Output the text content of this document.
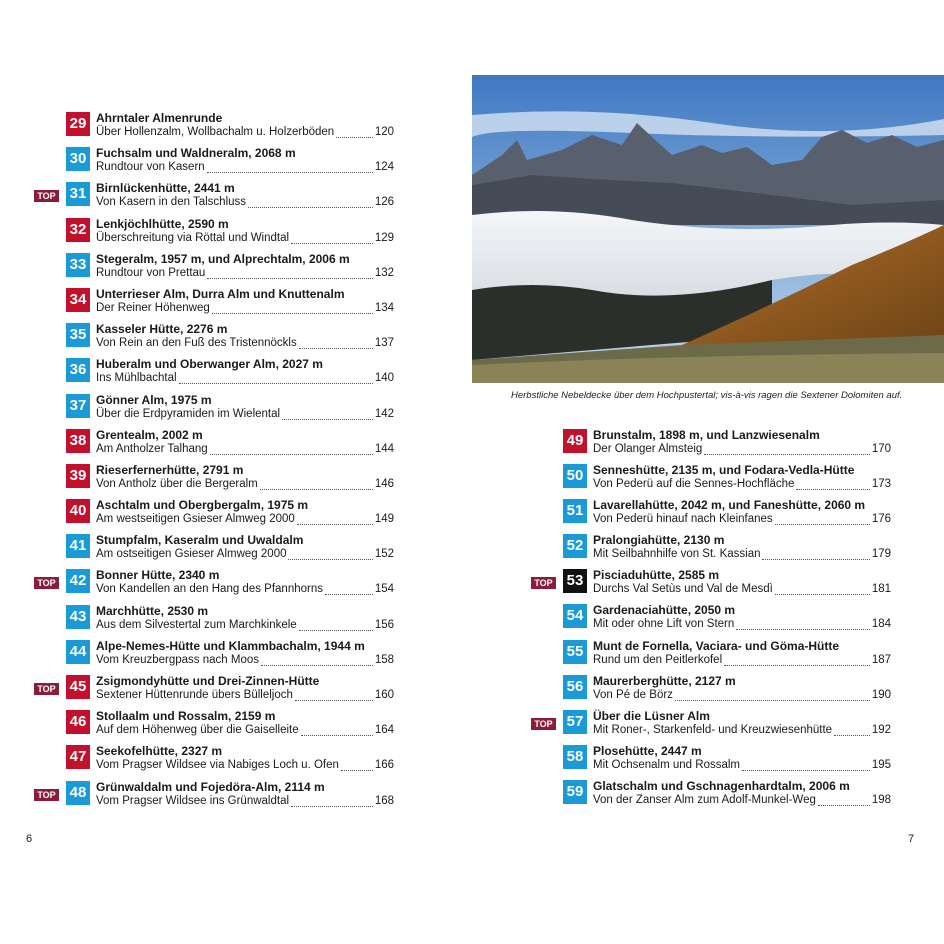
29 Ahrntaler Almenrunde
Über Hollenzalm, Wollbachalm u. Holzerböden	120
30 Fuchsalm und Waldneralm, 2068 m
Rundtour von Kasern	124
TOP 31 Birnlückenhütte, 2441 m
Von Kasern in den Talschluss	126
32 Lenkjöchlhütte, 2590 m
Überschreitung via Röttal und Windtal	129
33 Stegeralm, 1957 m, und Alprechtalm, 2006 m
Rundtour von Prettau	132
34 Unterrieser Alm, Durra Alm und Knuttenalm
Der Reiner Höhenweg	134
35 Kasseler Hütte, 2276 m
Von Rein an den Fuß des Tristennöckls	137
36 Huberalm und Oberwanger Alm, 2027 m
Ins Mühlbachtal	140
37 Gönner Alm, 1975 m
Über die Erdpyramiden im Wielental	142
38 Grentealm, 2002 m
Am Antholzer Talhang	144
39 Rieserfernerhütte, 2791 m
Von Antholz über die Bergeralm	146
40 Aschtalm und Obergbergalm, 1975 m
Am westseitigen Gsieser Almweg 2000	149
41 Stumpfalm, Kaseralm und Uwaldalm
Am ostseitigen Gsieser Almweg 2000	152
TOP 42 Bonner Hütte, 2340 m
Von Kandellen an den Hang des Pfannhorns	154
43 Marchhütte, 2530 m
Aus dem Silvestertal zum Marchkinkele	156
44 Alpe-Nemes-Hütte und Klammbachalm, 1944 m
Vom Kreuzbergpass nach Moos	158
TOP 45 Zsigmondyhütte und Drei-Zinnen-Hütte
Sextener Hüttenrunde übers Bülleljoch	160
46 Stollaalm und Rossalm, 2159 m
Auf dem Höhenweg über die Gaiselleite	164
47 Seekofelhütte, 2327 m
Vom Pragser Wildsee via Nabiges Loch u. Ofen	166
TOP 48 Grünwaldalm und Fojedöra-Alm, 2114 m
Vom Pragser Wildsee ins Grünwaldtal	168
Herbstliche Nebeldecke über dem Hochpustertal; vis-à-vis ragen die Sextener Dolomiten auf.
49 Brunstalm, 1898 m, und Lanzwiesenalm
Der Olanger Almsteig	170
50 Senneshütte, 2135 m, und Fodara-Vedla-Hütte
Von Pederü auf die Sennes-Hochfläche	173
51 Lavarellahütte, 2042 m, und Faneshütte, 2060 m
Von Pederü hinauf nach Kleinfanes	176
52 Pralongiahütte, 2130 m
Mit Seilbahnhilfe von St. Kassian	179
TOP 53 Pisciaduhütte, 2585 m
Durchs Val Setùs und Val de Mesdì	181
54 Gardenaciahütte, 2050 m
Mit oder ohne Lift von Stern	184
55 Munt de Fornella, Vaciara- und Göma-Hütte
Rund um den Peitlerkofel	187
56 Maurerberghütte, 2127 m
Von Pé de Börz	190
TOP 57 Über die Lüsner Alm
Mit Roner-, Starkenfeld- und Kreuzwiesenhütte	192
58 Plosehütte, 2447 m
Mit Ochsenalm und Rossalm	195
59 Glatschalm und Gschnagenhardtalm, 2006 m
Von der Zanser Alm zum Adolf-Munkel-Weg	198
6	7
